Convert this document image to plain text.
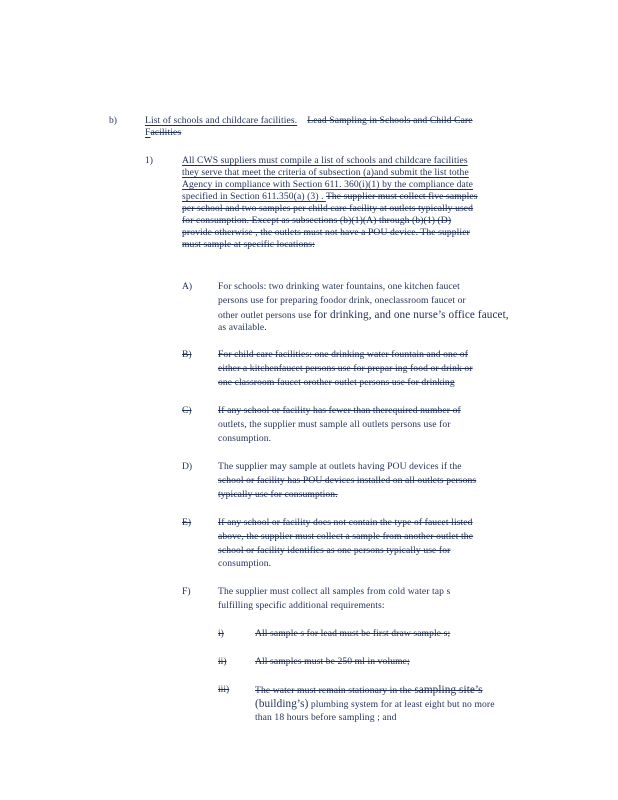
b)	List of schools and childcare facilities. Lead Sampling in Schools and Child Care
Facilities
1)	All CWS suppliers must compile a list of schools and childcare facilities
they serve that meet the criteria of subsection (a)and submit the list tothe
Agency in compliance with Section 611. 360(i)(1) by the compliance date
specified in Section 611.350(a) (3) . The supplier must collect five samples
per school and two samples per child care facility at outlets typically used
for consumption. Except as subsections (b)(1)(A) through (b)(1) (D)
provide otherwise , the outlets must not have a POU device. The supplier
must sample at specific locations:
A)	For schools: two drinking water fountains, one kitchen faucet
persons use for preparing foodor drink, oneclassroom faucet or
other outlet persons use for drinking, and one nurse’s office faucet,
as available.
B)	For child care facilities: one drinking water fountain and one of
either a kitchenfaucet persons use for prepar ing food or drink or
one classroom faucet orother outlet persons use for drinking
C)	If any school or facility has fewer than therequired number of
outlets, the supplier must sample all outlets persons use for
consumption.
D)	The supplier may sample at outlets having POU devices if the
school or facility has POU devices installed on all outlets persons
typically use for consumption.
E)	If any school or facility does not contain the type of faucet listed
above, the supplier must collect a sample from another outlet the
school or facility identifies as one persons typically use for
consumption.
F)	The supplier must collect all samples from cold water tap s
fulfilling specific additional requirements:
i)	All sample s for lead must be first draw sample s;
ii)	All samples must be 250 ml in volume;
iii)	The water must remain stationary in the sampling site’s
(building’s) plumbing system for at least eight but no more
than 18 hours before sampling ; and
